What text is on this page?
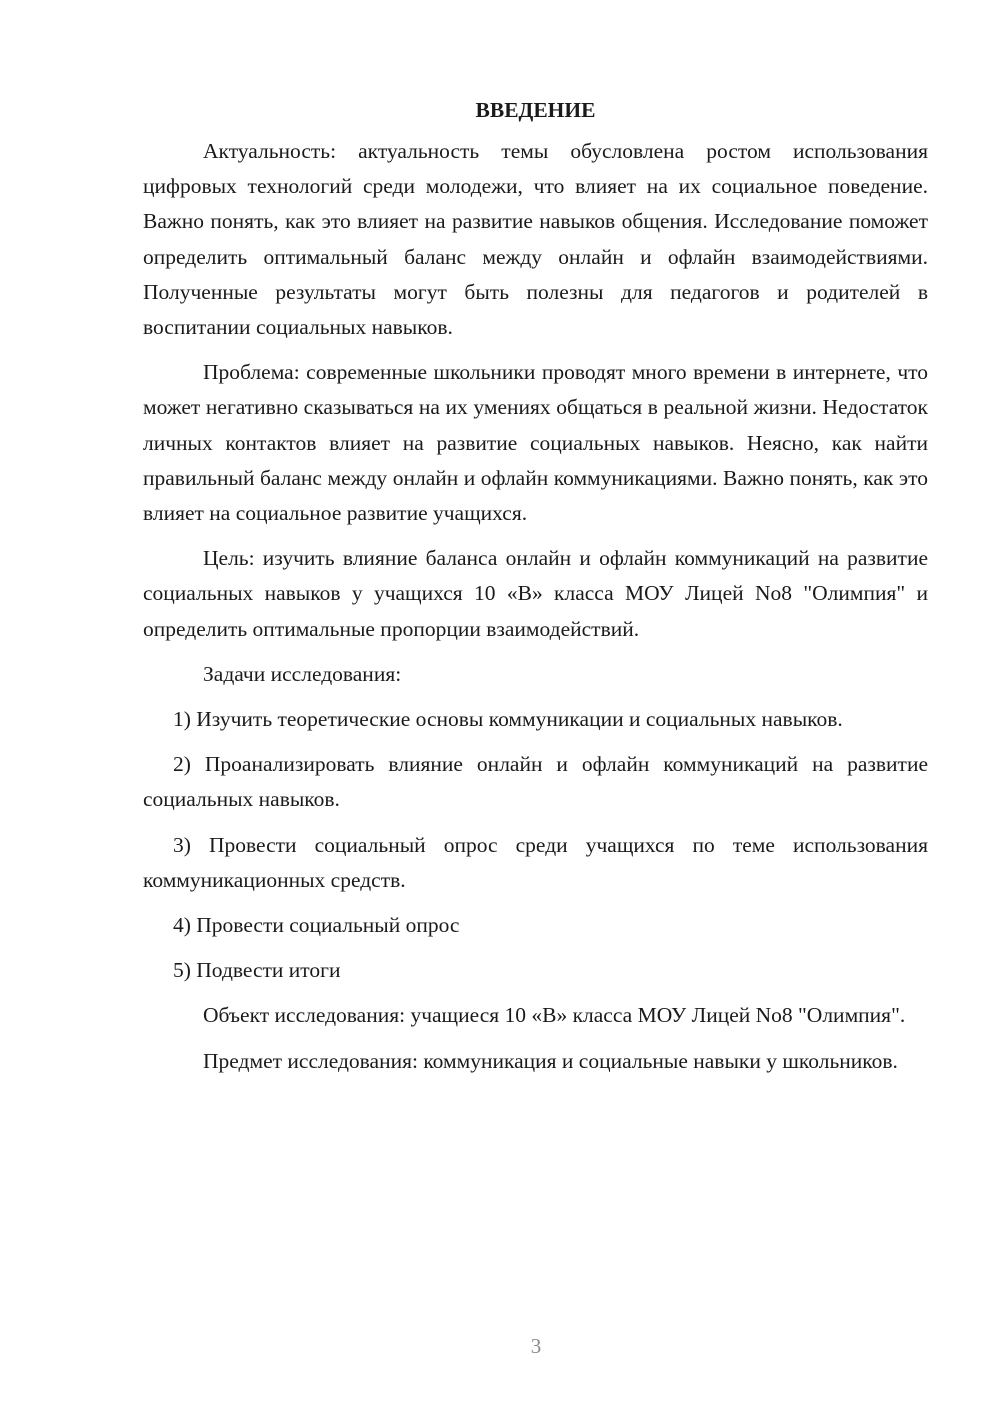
ВВЕДЕНИЕ

Актуальность: актуальность темы обусловлена ростом использования цифровых технологий среди молодежи, что влияет на их социальное поведение. Важно понять, как это влияет на развитие навыков общения. Исследование поможет определить оптимальный баланс между онлайн и офлайн взаимодействиями. Полученные результаты могут быть полезны для педагогов и родителей в воспитании социальных навыков.

Проблема: современные школьники проводят много времени в интернете, что может негативно сказываться на их умениях общаться в реальной жизни. Недостаток личных контактов влияет на развитие социальных навыков. Неясно, как найти правильный баланс между онлайн и офлайн коммуникациями. Важно понять, как это влияет на социальное развитие учащихся.

Цель: изучить влияние баланса онлайн и офлайн коммуникаций на развитие социальных навыков у учащихся 10 «В» класса МОУ Лицей No8 "Олимпия" и определить оптимальные пропорции взаимодействий.

Задачи исследования:

1) Изучить теоретические основы коммуникации и социальных навыков.

2) Проанализировать влияние онлайн и офлайн коммуникаций на развитие социальных навыков.

3) Провести социальный опрос среди учащихся по теме использования коммуникационных средств.

4) Провести социальный опрос

5) Подвести итоги

Объект исследования: учащиеся 10 «В» класса МОУ Лицей No8 "Олимпия".

Предмет исследования: коммуникация и социальные навыки у школьников.

3
